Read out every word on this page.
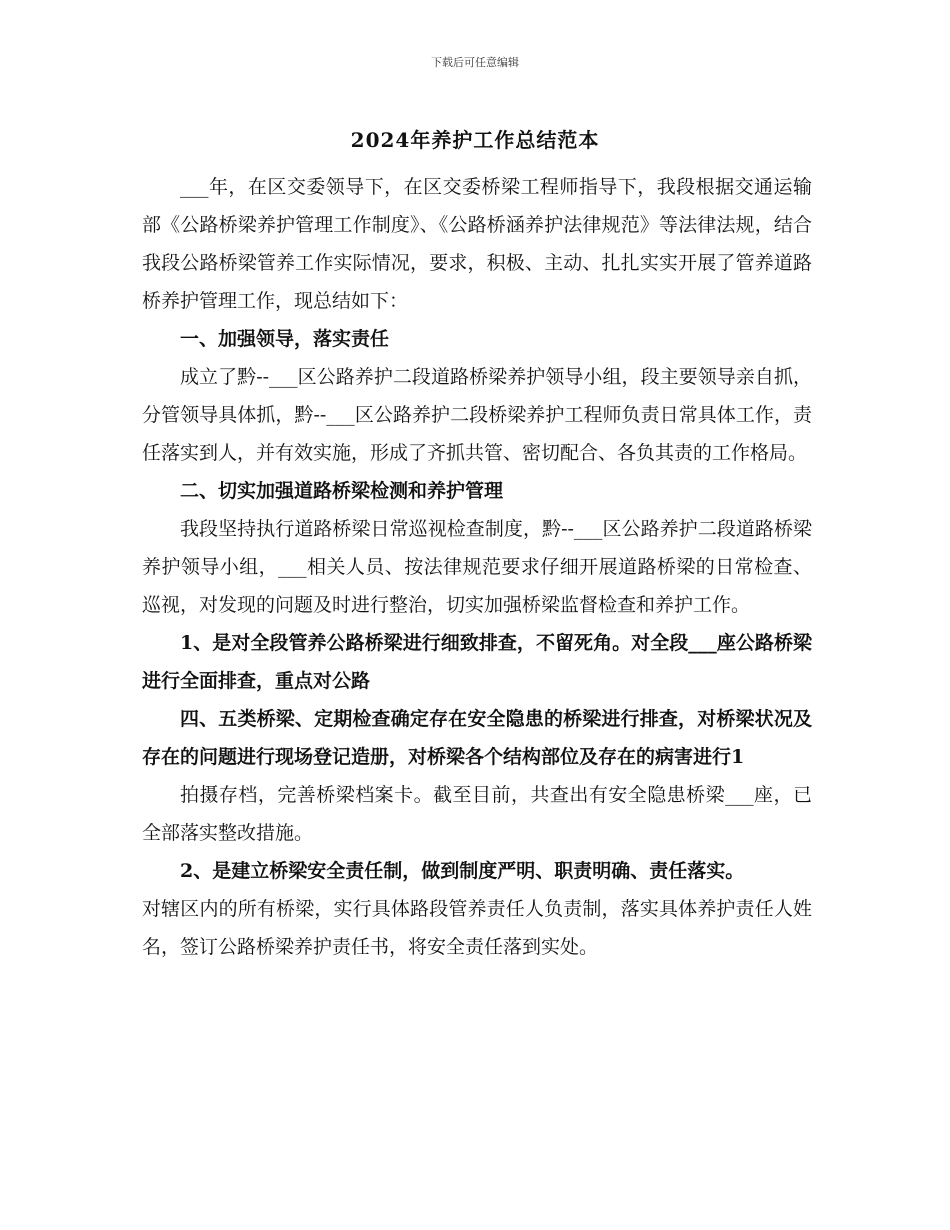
下载后可任意编辑
2024年养护工作总结范本

___年，在区交委领导下，在区交委桥梁工程师指导下，我段根据交通运输部《公路桥梁养护管理工作制度》、《公路桥涵养护法律规范》等法律法规，结合我段公路桥梁管养工作实际情况，要求，积极、主动、扎扎实实开展了管养道路桥养护管理工作，现总结如下：

一、加强领导，落实责任

成立了黔--___区公路养护二段道路桥梁养护领导小组，段主要领导亲自抓，分管领导具体抓，黔--___区公路养护二段桥梁养护工程师负责日常具体工作，责任落实到人，并有效实施，形成了齐抓共管、密切配合、各负其责的工作格局。

二、切实加强道路桥梁检测和养护管理

我段坚持执行道路桥梁日常巡视检查制度，黔--___区公路养护二段道路桥梁养护领导小组，___相关人员、按法律规范要求仔细开展道路桥梁的日常检查、巡视，对发现的问题及时进行整治，切实加强桥梁监督检查和养护工作。

1、是对全段管养公路桥梁进行细致排查，不留死角。对全段___座公路桥梁进行全面排查，重点对公路

四、五类桥梁、定期检查确定存在安全隐患的桥梁进行排查，对桥梁状况及存在的问题进行现场登记造册，对桥梁各个结构部位及存在的病害进行1

拍摄存档，完善桥梁档案卡。截至目前，共查出有安全隐患桥梁___座，已全部落实整改措施。

2、是建立桥梁安全责任制，做到制度严明、职责明确、责任落实。

对辖区内的所有桥梁，实行具体路段管养责任人负责制，落实具体养护责任人姓名，签订公路桥梁养护责任书，将安全责任落到实处。
